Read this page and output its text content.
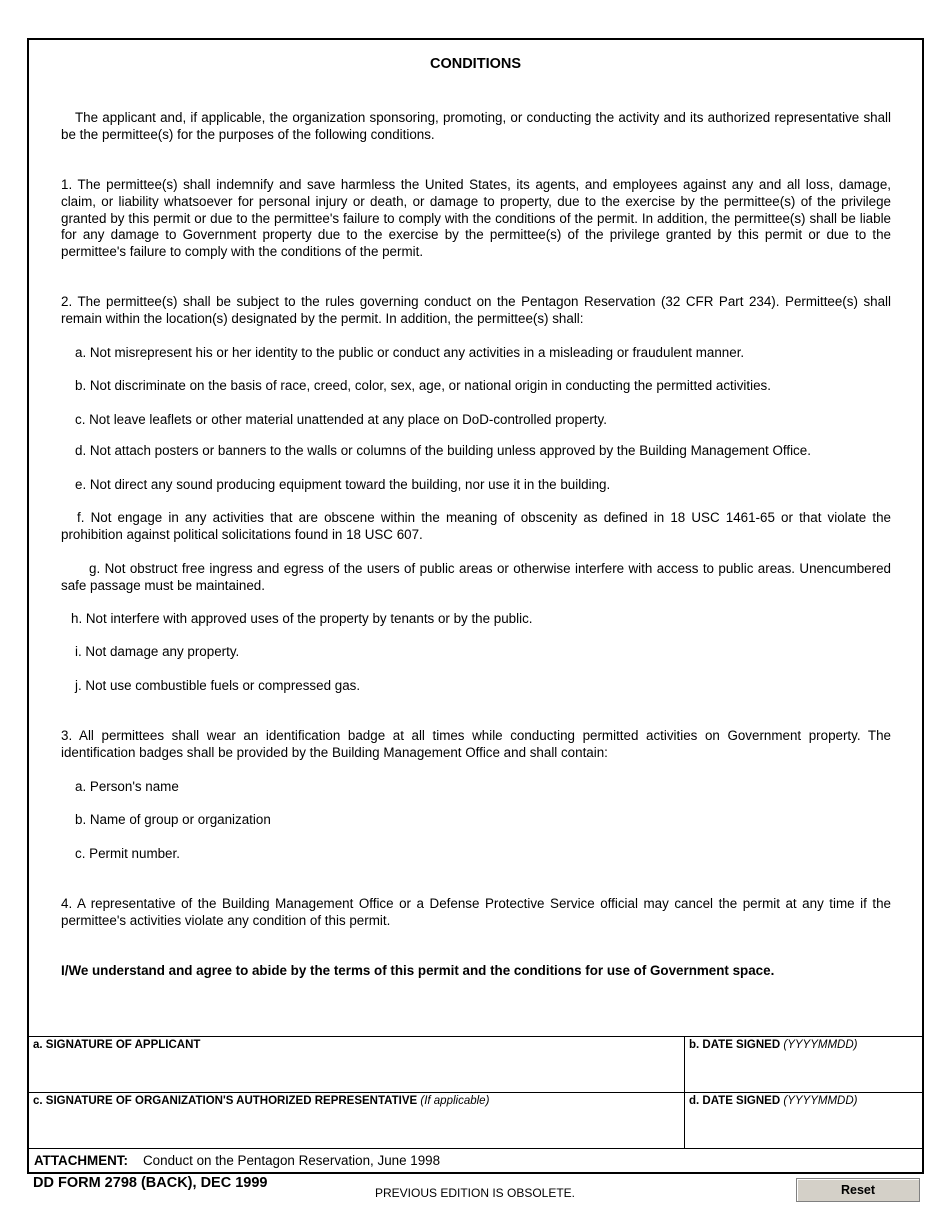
CONDITIONS

The applicant and, if applicable, the organization sponsoring, promoting, or conducting the activity and its authorized representative shall be the permittee(s) for the purposes of the following conditions.

1. The permittee(s) shall indemnify and save harmless the United States, its agents, and employees against any and all loss, damage, claim, or liability whatsoever for personal injury or death, or damage to property, due to the exercise by the permittee(s) of the privilege granted by this permit or due to the permittee's failure to comply with the conditions of the permit. In addition, the permittee(s) shall be liable for any damage to Government property due to the exercise by the permittee(s) of the privilege granted by this permit or due to the permittee's failure to comply with the conditions of the permit.

2. The permittee(s) shall be subject to the rules governing conduct on the Pentagon Reservation (32 CFR Part 234). Permittee(s) shall remain within the location(s) designated by the permit. In addition, the permittee(s) shall:

a. Not misrepresent his or her identity to the public or conduct any activities in a misleading or fraudulent manner.

b. Not discriminate on the basis of race, creed, color, sex, age, or national origin in conducting the permitted activities.

c. Not leave leaflets or other material unattended at any place on DoD-controlled property.

d. Not attach posters or banners to the walls or columns of the building unless approved by the Building Management Office.

e. Not direct any sound producing equipment toward the building, nor use it in the building.

f. Not engage in any activities that are obscene within the meaning of obscenity as defined in 18 USC 1461-65 or that violate the prohibition against political solicitations found in 18 USC 607.

g. Not obstruct free ingress and egress of the users of public areas or otherwise interfere with access to public areas. Unencumbered safe passage must be maintained.

h. Not interfere with approved uses of the property by tenants or by the public.

i. Not damage any property.

j. Not use combustible fuels or compressed gas.

3. All permittees shall wear an identification badge at all times while conducting permitted activities on Government property. The identification badges shall be provided by the Building Management Office and shall contain:

a. Person's name

b. Name of group or organization

c. Permit number.

4. A representative of the Building Management Office or a Defense Protective Service official may cancel the permit at any time if the permittee's activities violate any condition of this permit.

I/We understand and agree to abide by the terms of this permit and the conditions for use of Government space.

a. SIGNATURE OF APPLICANT	b. DATE SIGNED (YYYYMMDD)
c. SIGNATURE OF ORGANIZATION'S AUTHORIZED REPRESENTATIVE (If applicable)	d. DATE SIGNED (YYYYMMDD)
ATTACHMENT: Conduct on the Pentagon Reservation, June 1998
DD FORM 2798 (BACK), DEC 1999
PREVIOUS EDITION IS OBSOLETE.	Reset
